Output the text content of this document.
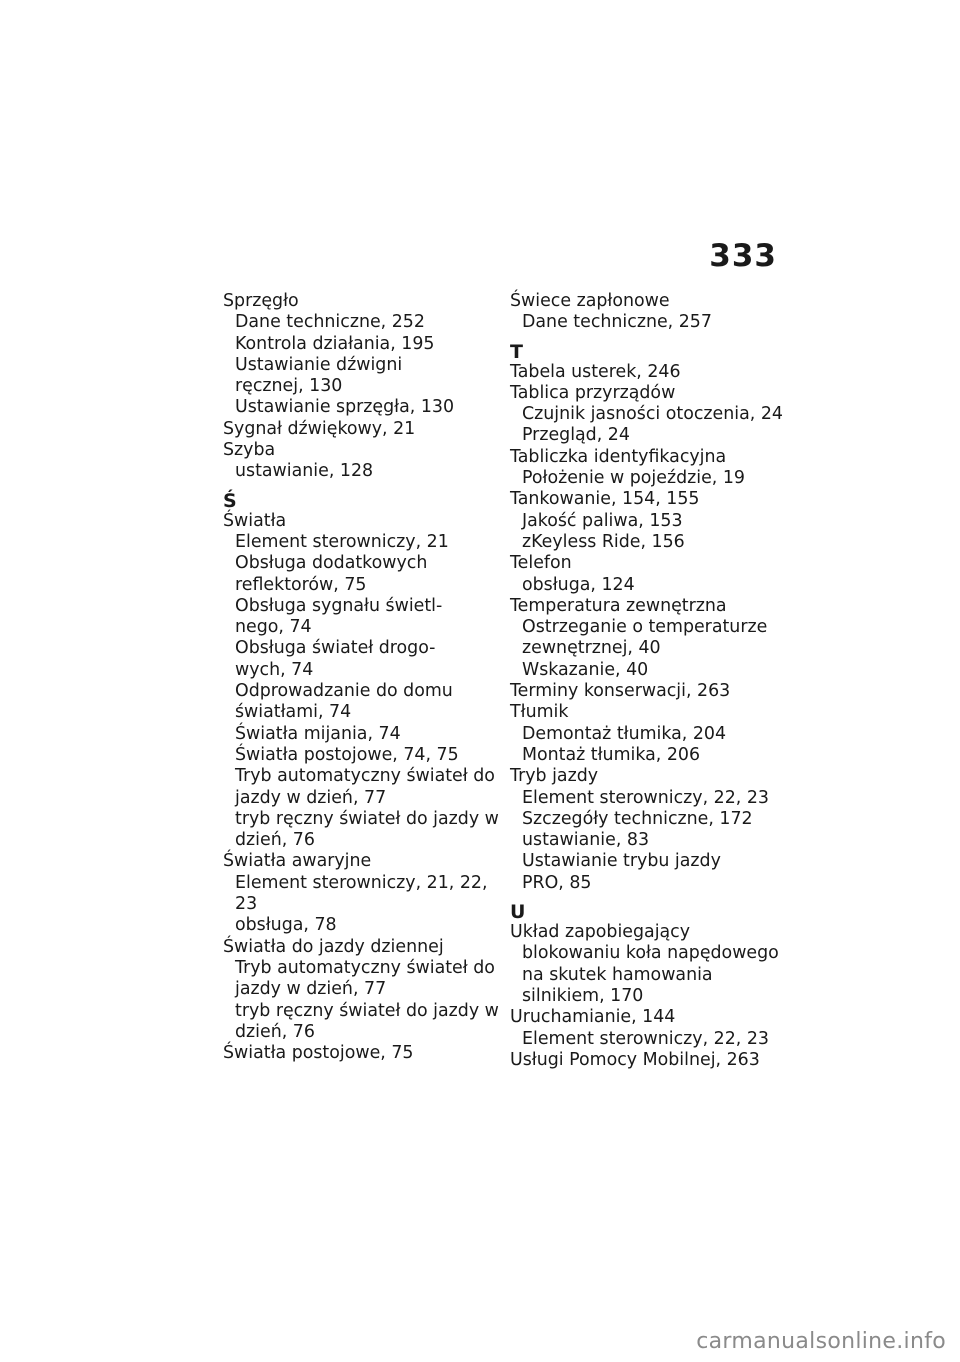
333
Sprzęgło
Dane techniczne, 252
Kontrola działania, 195
Ustawianie dźwigni
ręcznej, 130
Ustawianie sprzęgła, 130
Sygnał dźwiękowy, 21
Szyba
ustawianie, 128
Ś
Światła
Element sterowniczy, 21
Obsługa dodatkowych
reflektorów, 75
Obsługa sygnału świetl-
nego, 74
Obsługa świateł drogo-
wych, 74
Odprowadzanie do domu
światłami, 74
Światła mijania, 74
Światła postojowe, 74, 75
Tryb automatyczny świateł do
jazdy w dzień, 77
tryb ręczny świateł do jazdy w
dzień, 76
Światła awaryjne
Element sterowniczy, 21, 22,
23
obsługa, 78
Światła do jazdy dziennej
Tryb automatyczny świateł do
jazdy w dzień, 77
tryb ręczny świateł do jazdy w
dzień, 76
Światła postojowe, 75
Świece zapłonowe
Dane techniczne, 257
T
Tabela usterek, 246
Tablica przyrządów
Czujnik jasności otoczenia, 24
Przegląd, 24
Tabliczka identyfikacyjna
Położenie w pojeździe, 19
Tankowanie, 154, 155
Jakość paliwa, 153
zKeyless Ride, 156
Telefon
obsługa, 124
Temperatura zewnętrzna
Ostrzeganie o temperaturze
zewnętrznej, 40
Wskazanie, 40
Terminy konserwacji, 263
Tłumik
Demontaż tłumika, 204
Montaż tłumika, 206
Tryb jazdy
Element sterowniczy, 22, 23
Szczegóły techniczne, 172
ustawianie, 83
Ustawianie trybu jazdy
PRO, 85
U
Układ zapobiegający
blokowaniu koła napędowego
na skutek hamowania
silnikiem, 170
Uruchamianie, 144
Element sterowniczy, 22, 23
Usługi Pomocy Mobilnej, 263
carmanualsonline.info
